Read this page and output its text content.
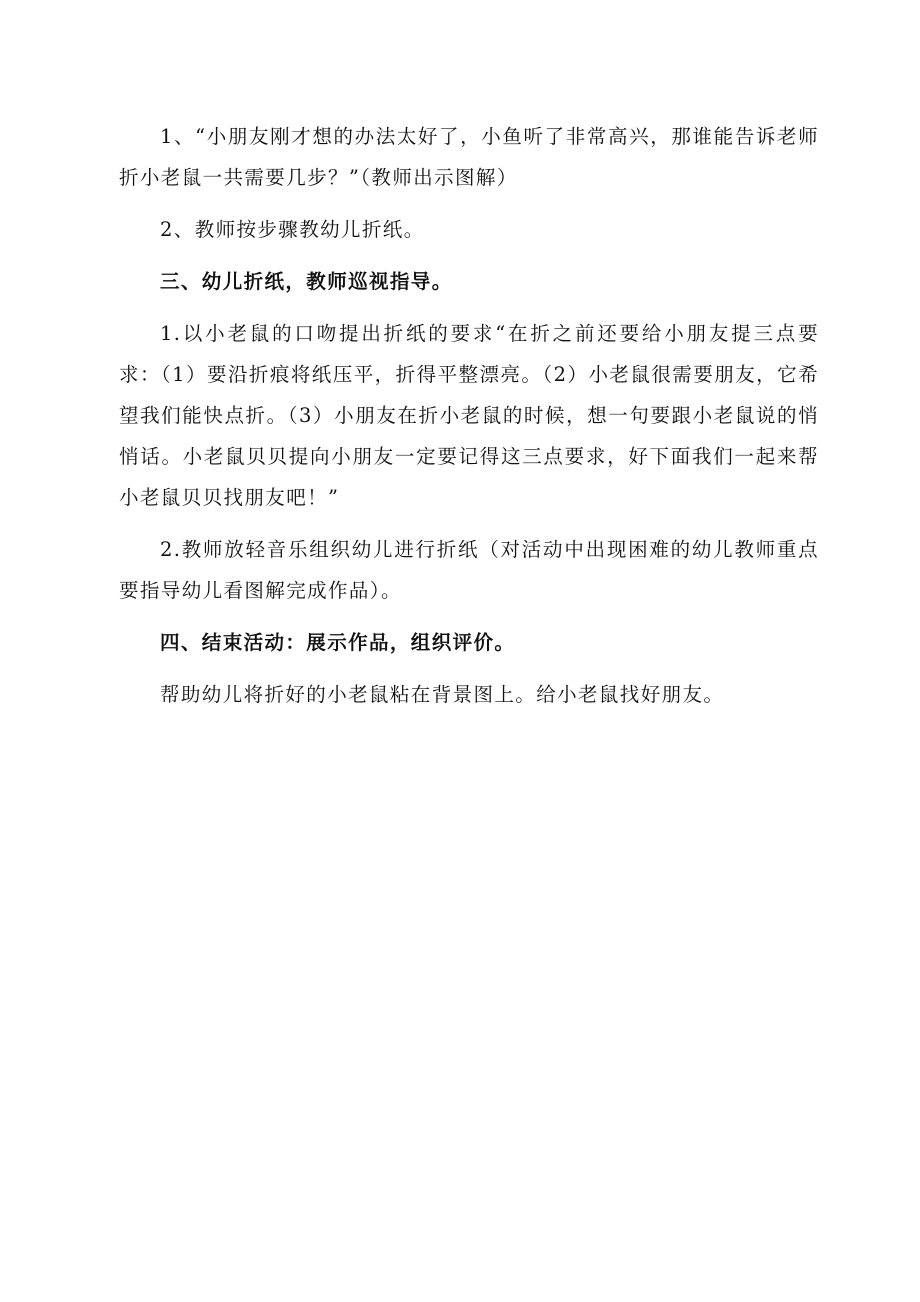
1、“小朋友刚才想的办法太好了，小鱼听了非常高兴，那谁能告诉老师折小老鼠一共需要几步？”（教师出示图解）

2、教师按步骤教幼儿折纸。

三、幼儿折纸，教师巡视指导。

1.以小老鼠的口吻提出折纸的要求“在折之前还要给小朋友提三点要求：（1）要沿折痕将纸压平，折得平整漂亮。（2）小老鼠很需要朋友，它希望我们能快点折。（3）小朋友在折小老鼠的时候，想一句要跟小老鼠说的悄悄话。小老鼠贝贝提向小朋友一定要记得这三点要求，好下面我们一起来帮小老鼠贝贝找朋友吧！”

2.教师放轻音乐组织幼儿进行折纸（对活动中出现困难的幼儿教师重点要指导幼儿看图解完成作品）。

四、结束活动：展示作品，组织评价。

帮助幼儿将折好的小老鼠粘在背景图上。给小老鼠找好朋友。
